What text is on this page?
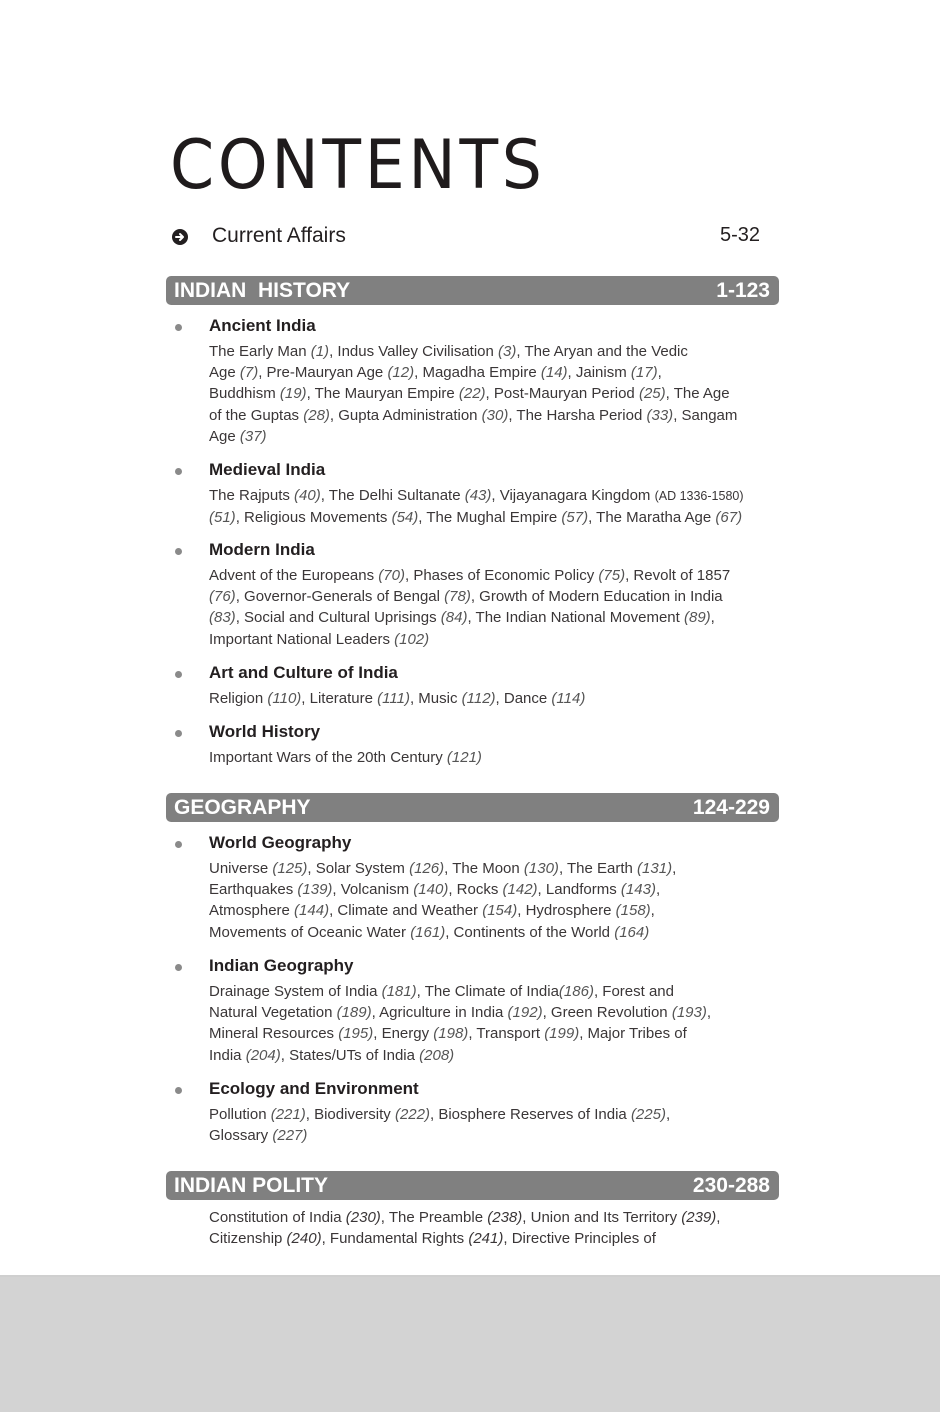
CONTENTS
Current Affairs	5-32
INDIAN  HISTORY	1-123
Ancient India
The Early Man (1), Indus Valley Civilisation (3), The Aryan and the Vedic
Age (7), Pre-Mauryan Age (12), Magadha Empire (14), Jainism (17),
Buddhism (19), The Mauryan Empire (22), Post-Mauryan Period (25), The Age
of the Guptas (28), Gupta Administration (30), The Harsha Period (33), Sangam
Age (37)
Medieval India
The Rajputs (40), The Delhi Sultanate (43), Vijayanagara Kingdom (AD 1336-1580)
(51), Religious Movements (54), The Mughal Empire (57), The Maratha Age (67)
Modern India
Advent of the Europeans (70), Phases of Economic Policy (75), Revolt of 1857
(76), Governor-Generals of Bengal (78), Growth of Modern Education in India
(83), Social and Cultural Uprisings (84), The Indian National Movement (89),
Important National Leaders (102)
Art and Culture of India
Religion (110), Literature (111), Music (112), Dance (114)
World History
Important Wars of the 20th Century (121)
GEOGRAPHY	124-229
World Geography
Universe (125), Solar System (126), The Moon (130), The Earth (131),
Earthquakes (139), Volcanism (140), Rocks (142), Landforms (143),
Atmosphere (144), Climate and Weather (154), Hydrosphere (158),
Movements of Oceanic Water (161), Continents of the World (164)
Indian Geography
Drainage System of India (181), The Climate of India(186), Forest and
Natural Vegetation (189), Agriculture in India (192), Green Revolution (193),
Mineral Resources (195), Energy (198), Transport (199), Major Tribes of
India (204), States/UTs of India (208)
Ecology and Environment
Pollution (221), Biodiversity (222), Biosphere Reserves of India (225),
Glossary (227)
INDIAN POLITY	230-288
Constitution of India (230), The Preamble (238), Union and Its Territory (239),
Citizenship (240), Fundamental Rights (241), Directive Principles of
